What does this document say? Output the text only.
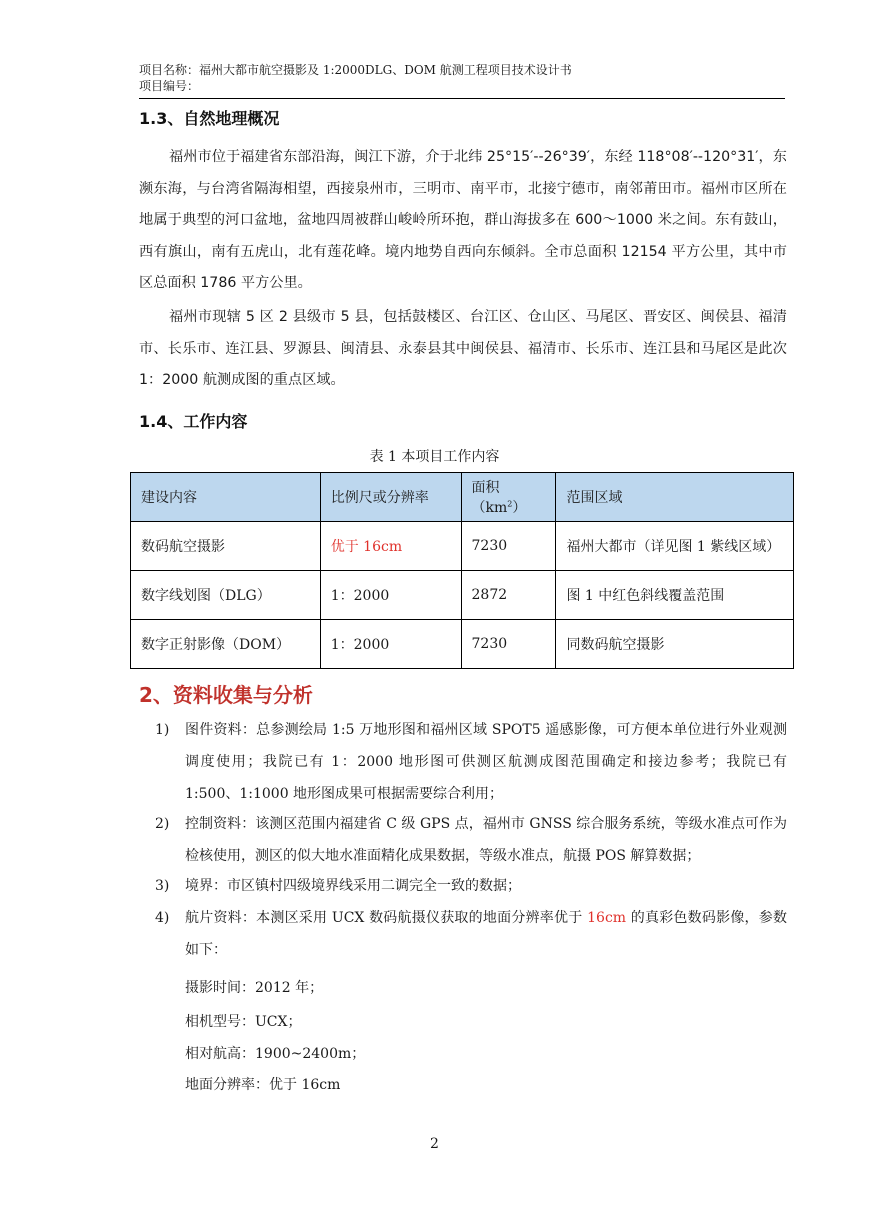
项目名称：福州大都市航空摄影及 1:2000DLG、DOM 航测工程项目技术设计书
项目编号：
1.3、自然地理概况

福州市位于福建省东部沿海，闽江下游，介于北纬 25°15′--26°39′，东经 118°08′--120°31′，东濒东海，与台湾省隔海相望，西接泉州市，三明市、南平市，北接宁德市，南邻莆田市。福州市区所在地属于典型的河口盆地，盆地四周被群山峻岭所环抱，群山海拔多在 600～1000 米之间。东有鼓山，西有旗山，南有五虎山，北有莲花峰。境内地势自西向东倾斜。全市总面积 12154 平方公里，其中市区总面积 1786 平方公里。

福州市现辖 5 区 2 县级市 5 县，包括鼓楼区、台江区、仓山区、马尾区、晋安区、闽侯县、福清市、长乐市、连江县、罗源县、闽清县、永泰县其中闽侯县、福清市、长乐市、连江县和马尾区是此次 1：2000 航测成图的重点区域。

1.4、工作内容
表 1 本项目工作内容
建设内容	比例尺或分辨率	面积$(km^2)$	范围区域
数码航空摄影	优于 16cm	7230	福州大都市（详见图 1 紫线区域）
数字线划图（DLG）	1：2000	2872	图 1 中红色斜线覆盖范围
数字正射影像（DOM）	1：2000	7230	同数码航空摄影
2、资料收集与分析
1)	图件资料：总参测绘局 1:5 万地形图和福州区域 SPOT5 遥感影像，可方便本单位进行外业观测调度使用；我院已有 1：2000 地形图可供测区航测成图范围确定和接边参考；我院已有 1:500、1:1000 地形图成果可根据需要综合利用；
2)	控制资料：该测区范围内福建省 C 级 GPS 点，福州市 GNSS 综合服务系统，等级水准点可作为检核使用，测区的似大地水准面精化成果数据，等级水准点，航摄 POS 解算数据；
3)	境界：市区镇村四级境界线采用二调完全一致的数据；
4)	航片资料：本测区采用 UCX 数码航摄仪获取的地面分辨率优于 16cm 的真彩色数码影像，参数如下：
摄影时间：2012 年；
相机型号：UCX；
相对航高：1900~2400m；
地面分辨率：优于 16cm
2
